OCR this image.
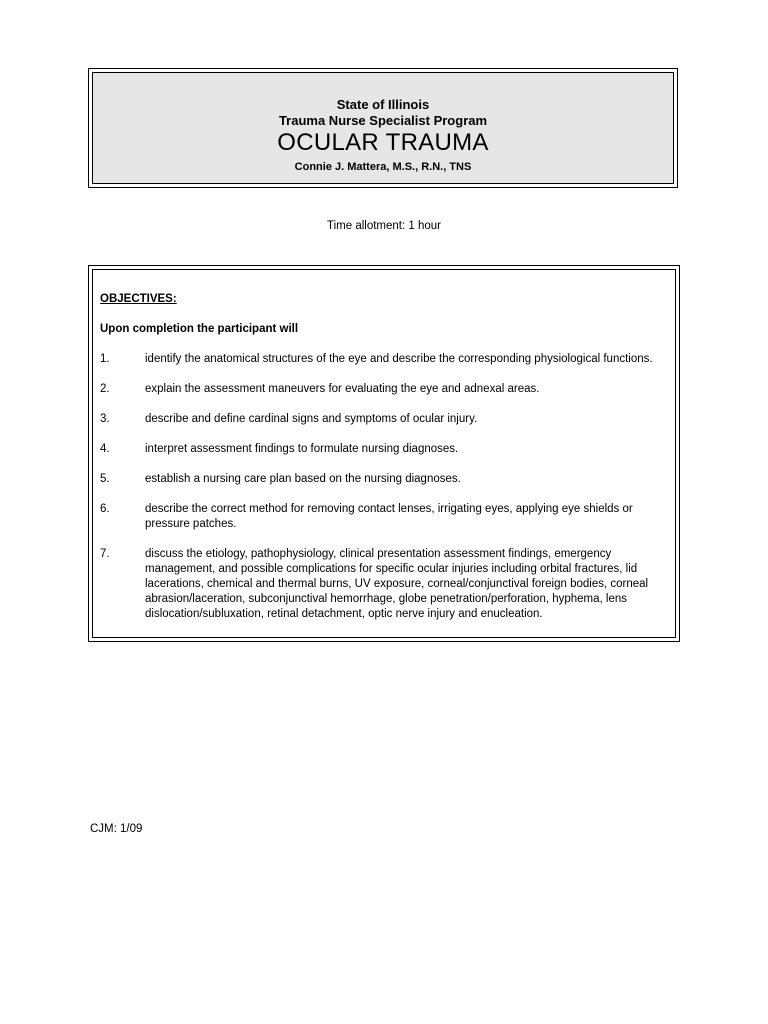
State of Illinois
Trauma Nurse Specialist Program
OCULAR TRAUMA
Connie J. Mattera, M.S., R.N., TNS
Time allotment: 1 hour
OBJECTIVES:
Upon completion the participant will
1.	identify the anatomical structures of the eye and describe the corresponding physiological functions.
2.	explain the assessment maneuvers for evaluating the eye and adnexal areas.
3.	describe and define cardinal signs and symptoms of ocular injury.
4.	interpret assessment findings to formulate nursing diagnoses.
5.	establish a nursing care plan based on the nursing diagnoses.
6.	describe the correct method for removing contact lenses, irrigating eyes, applying eye shields or pressure patches.
7.	discuss the etiology, pathophysiology, clinical presentation assessment findings, emergency management, and possible complications for specific ocular injuries including orbital fractures, lid lacerations, chemical and thermal burns, UV exposure, corneal/conjunctival foreign bodies, corneal abrasion/laceration, subconjunctival hemorrhage, globe penetration/perforation, hyphema, lens dislocation/subluxation, retinal detachment, optic nerve injury and enucleation.
CJM: 1/09
